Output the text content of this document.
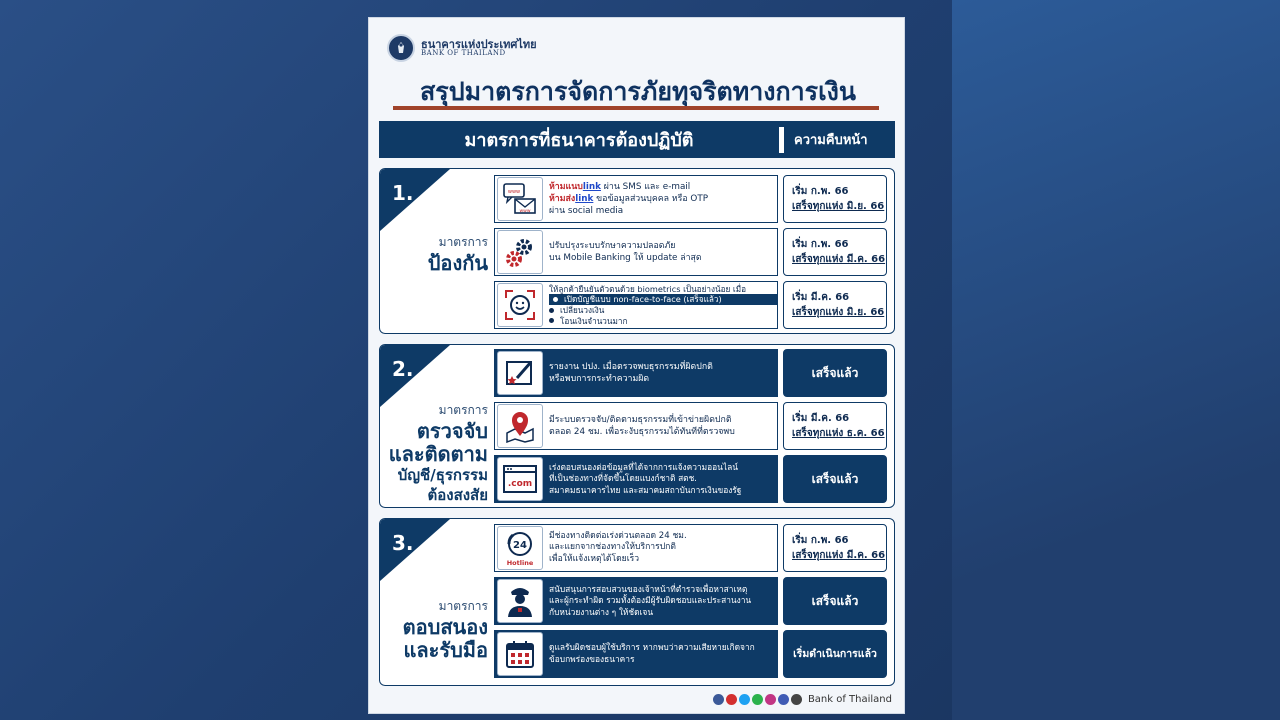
ธนาคารแห่งประเทศไทย
BANK OF THAILAND
สรุปมาตรการจัดการภัยทุจริตทางการเงิน
มาตรการที่ธนาคารต้องปฏิบัติ	ความคืบหน้า
1.
มาตรการ
ป้องกัน
www
www
ห้ามแนบlink ผ่าน SMS และ e-mail
ห้ามส่งlink ขอข้อมูลส่วนบุคคล หรือ OTP
ผ่าน social media
เริ่ม ก.พ. 66
เสร็จทุกแห่ง มิ.ย. 66
ปรับปรุงระบบรักษาความปลอดภัย
บน Mobile Banking ให้ update ล่าสุด
เริ่ม ก.พ. 66
เสร็จทุกแห่ง มี.ค. 66
ให้ลูกค้ายืนยันตัวตนด้วย biometrics เป็นอย่างน้อย เมื่อ
เปิดบัญชีแบบ non-face-to-face (เสร็จแล้ว)
เปลี่ยนวงเงิน
โอนเงินจำนวนมาก
เริ่ม มี.ค. 66
เสร็จทุกแห่ง มิ.ย. 66
2.
มาตรการ
ตรวจจับ
และติดตาม
บัญชี/ธุรกรรม
ต้องสงสัย
รายงาน ปปง. เมื่อตรวจพบธุรกรรมที่ผิดปกติ
หรือพบการกระทำความผิด	เสร็จแล้ว
มีระบบตรวจจับ/ติดตามธุรกรรมที่เข้าข่ายผิดปกติ
ตลอด 24 ชม. เพื่อระงับธุรกรรมได้ทันทีที่ตรวจพบ
เริ่ม มี.ค. 66
เสร็จทุกแห่ง ธ.ค. 66
.com
เร่งตอบสนองต่อข้อมูลที่ได้จากการแจ้งความออนไลน์
ที่เป็นช่องทางที่จัดขึ้นโดยแบงก์ชาติ สตช.
สมาคมธนาคารไทย และสมาคมสถาบันการเงินของรัฐ
เสร็จแล้ว
3.
มาตรการ
ตอบสนอง
และรับมือ
24
Hotline
มีช่องทางติดต่อเร่งด่วนตลอด 24 ชม.
และแยกจากช่องทางให้บริการปกติ
เพื่อให้แจ้งเหตุได้โดยเร็ว
เริ่ม ก.พ. 66
เสร็จทุกแห่ง มี.ค. 66
สนับสนุนการสอบสวนของเจ้าหน้าที่ตำรวจเพื่อหาสาเหตุ
และผู้กระทำผิด รวมทั้งต้องมีผู้รับผิดชอบและประสานงาน
กับหน่วยงานต่าง ๆ ให้ชัดเจน
เสร็จแล้ว
ดูแลรับผิดชอบผู้ใช้บริการ หากพบว่าความเสียหายเกิดจาก
ข้อบกพร่องของธนาคาร	เริ่มดำเนินการแล้ว
Bank of Thailand
